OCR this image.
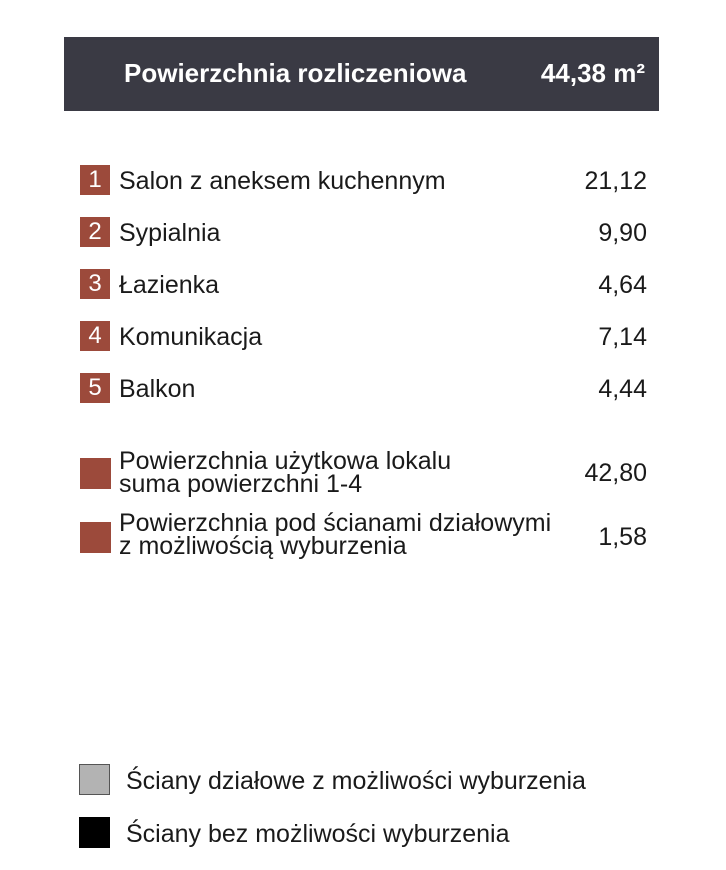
Powierzchnia rozliczeniowa	44,38 m²
1 Salon z aneksem kuchennym	21,12
2 Sypialnia	9,90
3 Łazienka	4,64
4 Komunikacja	7,14
5 Balkon	4,44
Powierzchnia użytkowa lokalu
suma powierzchni 1-4	42,80
Powierzchnia pod ścianami działowymi
z możliwością wyburzenia	1,58
Ściany działowe z możliwości wyburzenia
Ściany bez możliwości wyburzenia
